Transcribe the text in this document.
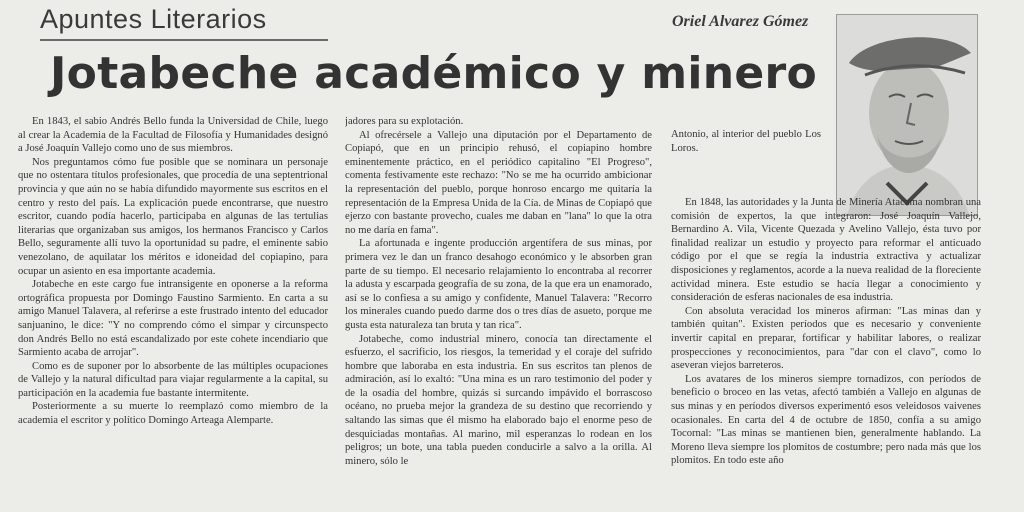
Apuntes Literarios	Oriel Alvarez Gómez
Jotabeche académico y minero

En 1843, el sabio Andrés Bello funda la Universidad de Chile, luego al crear la Academia de la Facultad de Filosofía y Humanidades designó a José Joaquín Vallejo como uno de sus miembros.

Nos preguntamos cómo fue posible que se nominara un personaje que no ostentara títulos profesionales, que procedía de una septentrional provincia y que aún no se había difundido mayormente sus escritos en el centro y resto del país. La explicación puede encontrarse, que nuestro escritor, cuando podía hacerlo, participaba en algunas de las tertulias literarias que organizaban sus amigos, los hermanos Francisco y Carlos Bello, seguramente allí tuvo la oportunidad su padre, el eminente sabio venezolano, de aquilatar los méritos e idoneidad del copiapino, para ocupar un asiento en esa importante academia.

Jotabeche en este cargo fue intransigente en oponerse a la reforma ortográfica propuesta por Domingo Faustino Sarmiento. En carta a su amigo Manuel Talavera, al referirse a este frustrado intento del educador sanjuanino, le dice: "Y no comprendo cómo el simpar y circunspecto don Andrés Bello no está escandalizado por este cohete incendiario que Sarmiento acaba de arrojar".

Como es de suponer por lo absorbente de las múltiples ocupaciones de Vallejo y la natural dificultad para viajar regularmente a la capital, su participación en la academia fue bastante intermitente.

Posteriormente a su muerte lo reemplazó como miembro de la academia el escritor y político Domingo Arteaga Alemparte.

jadores para su explotación.

Al ofrecérsele a Vallejo una diputación por el Departamento de Copiapó, que en un principio rehusó, el copiapino hombre eminentemente práctico, en el periódico capitalino "El Progreso", comenta festivamente este rechazo: "No se me ha ocurrido ambicionar la representación del pueblo, porque honroso encargo me quitaría la representación de la Empresa Unida de la Cía. de Minas de Copiapó que ejerzo con bastante provecho, cuales me daban en "lana" lo que la otra no me daría en fama".

La afortunada e ingente producción argentífera de sus minas, por primera vez le dan un franco desahogo económico y le absorben gran parte de su tiempo. El necesario relajamiento lo encontraba al recorrer la adusta y escarpada geografía de su zona, de la que era un enamorado, así se lo confiesa a su amigo y confidente, Manuel Talavera: "Recorro los minerales cuando puedo darme dos o tres días de asueto, porque me gusta esta naturaleza tan bruta y tan rica".

Jotabeche, como industrial minero, conocía tan directamente el esfuerzo, el sacrificio, los riesgos, la temeridad y el coraje del sufrido hombre que laboraba en esta industria. En sus escritos tan plenos de admiración, así lo exaltó: "Una mina es un raro testimonio del poder y de la osadía del hombre, quizás si surcando impávido el borrascoso océano, no prueba mejor la grandeza de su destino que recorriendo y saltando las simas que él mismo ha elaborado bajo el enorme peso de desquiciadas montañas. Al marino, mil esperanzas lo rodean en los peligros; un bote, una tabla pueden conducirle a salvo a la orilla. Al minero, sólo le

Antonio, al interior del pueblo Los Loros.

En 1848, las autoridades y la Junta de Minería Atacama nombran una comisión de expertos, la que integraron: José Joaquín Vallejo, Bernardino A. Vila, Vicente Quezada y Avelino Vallejo, ésta tuvo por finalidad realizar un estudio y proyecto para reformar el anticuado código por el que se regía la industria extractiva y actualizar disposiciones y reglamentos, acorde a la nueva realidad de la floreciente actividad minera. Este estudio se hacía llegar a conocimiento y consideración de esferas nacionales de esa industria.

Con absoluta veracidad los mineros afirman: "Las minas dan y también quitan". Existen períodos que es necesario y conveniente invertir capital en preparar, fortificar y habilitar labores, o realizar prospecciones y reconocimientos, para "dar con el clavo", como lo aseveran viejos barreteros.

Los avatares de los mineros siempre tornadizos, con períodos de beneficio o broceo en las vetas, afectó también a Vallejo en algunas de sus minas y en períodos diversos experimentó esos veleidosos vaivenes ocasionales. En carta del 4 de octubre de 1850, confía a su amigo Tocornal: "Las minas se mantienen bien, generalmente hablando. La Moreno lleva siempre los plomitos de costumbre; pero nada más que los plomitos. En todo este año
